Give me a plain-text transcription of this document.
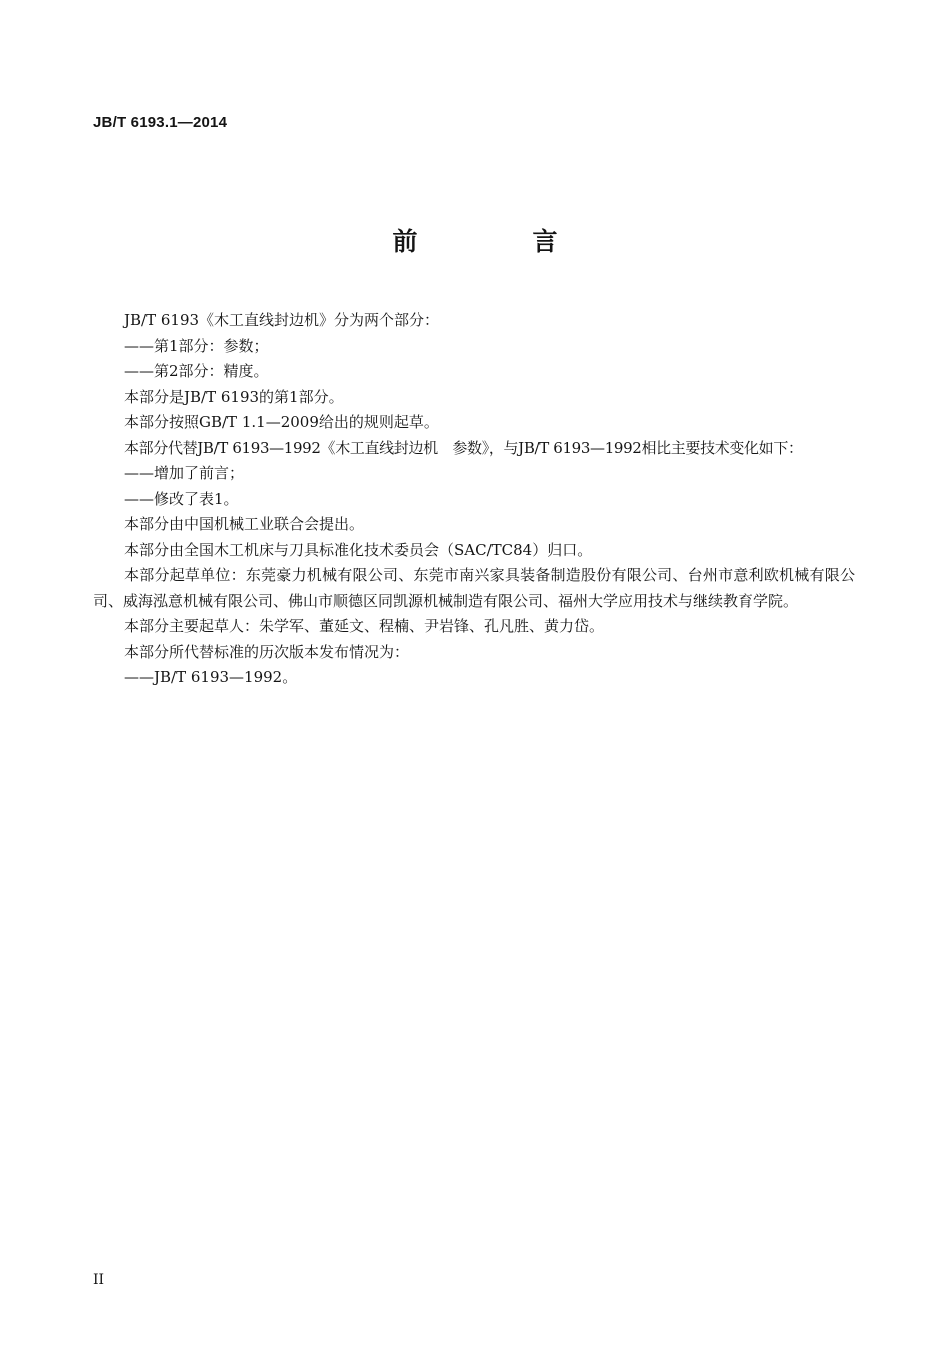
JB/T 6193.1—2014
前　言

JB/T 6193《木工直线封边机》分为两个部分：

——第1部分：参数；

——第2部分：精度。

本部分是JB/T 6193的第1部分。

本部分按照GB/T 1.1—2009给出的规则起草。

本部分代替JB/T 6193—1992《木工直线封边机　参数》，与JB/T 6193—1992相比主要技术变化如下：

——增加了前言；

——修改了表1。

本部分由中国机械工业联合会提出。

本部分由全国木工机床与刀具标准化技术委员会（SAC/TC84）归口。

本部分起草单位：东莞豪力机械有限公司、东莞市南兴家具装备制造股份有限公司、台州市意利欧机械有限公司、威海泓意机械有限公司、佛山市顺德区同凯源机械制造有限公司、福州大学应用技术与继续教育学院。

本部分主要起草人：朱学军、董延文、程楠、尹岩锋、孔凡胜、黄力岱。

本部分所代替标准的历次版本发布情况为：

——JB/T 6193—1992。

II
